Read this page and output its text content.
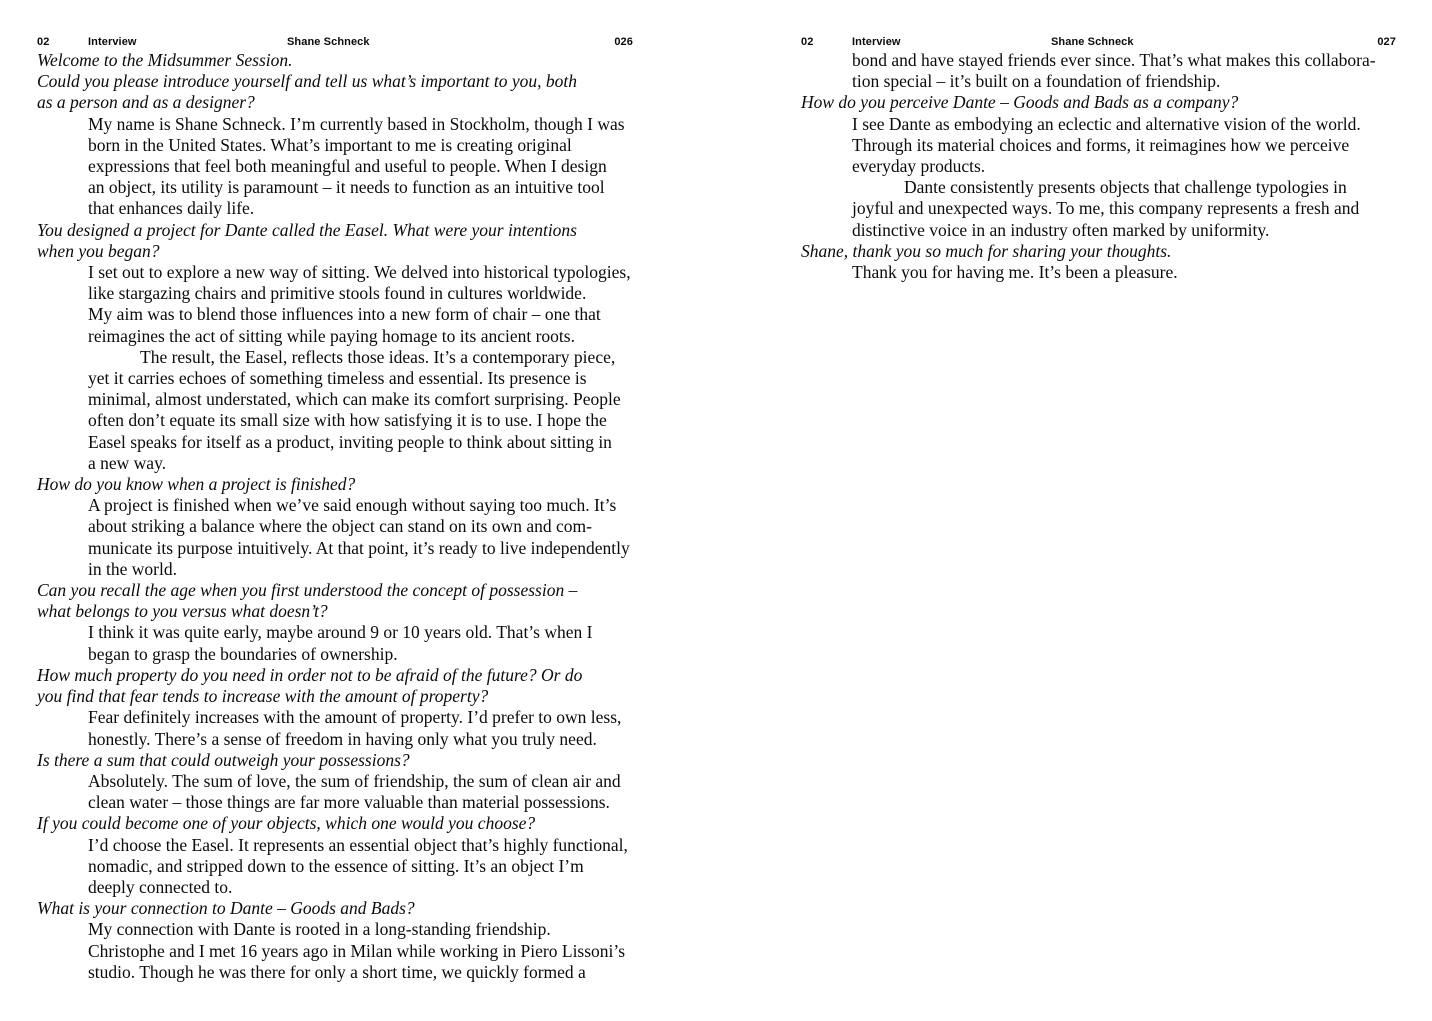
02	Interview	Shane Schneck	026
Welcome to the Midsummer Session.
Could you please introduce yourself and tell us what’s important to you, both
as a person and as a designer?
My name is Shane Schneck. I’m currently based in Stockholm, though I was
born in the United States. What’s important to me is creating original
expressions that feel both meaningful and useful to people. When I design
an object, its utility is paramount – it needs to function as an intuitive tool
that enhances daily life.
You designed a project for Dante called the Easel. What were your intentions
when you began?
I set out to explore a new way of sitting. We delved into historical typologies,
like stargazing chairs and primitive stools found in cultures worldwide.
My aim was to blend those influences into a new form of chair – one that
reimagines the act of sitting while paying homage to its ancient roots.
The result, the Easel, reflects those ideas. It’s a contemporary piece,
yet it carries echoes of something timeless and essential. Its presence is
minimal, almost understated, which can make its comfort surprising. People
often don’t equate its small size with how satisfying it is to use. I hope the
Easel speaks for itself as a product, inviting people to think about sitting in
a new way.
How do you know when a project is finished?
A project is finished when we’ve said enough without saying too much. It’s
about striking a balance where the object can stand on its own and com-
municate its purpose intuitively. At that point, it’s ready to live independently
in the world.
Can you recall the age when you first understood the concept of possession –
what belongs to you versus what doesn’t?
I think it was quite early, maybe around 9 or 10 years old. That’s when I
began to grasp the boundaries of ownership.
How much property do you need in order not to be afraid of the future? Or do
you find that fear tends to increase with the amount of property?
Fear definitely increases with the amount of property. I’d prefer to own less,
honestly. There’s a sense of freedom in having only what you truly need.
Is there a sum that could outweigh your possessions?
Absolutely. The sum of love, the sum of friendship, the sum of clean air and
clean water – those things are far more valuable than material possessions.
If you could become one of your objects, which one would you choose?
I’d choose the Easel. It represents an essential object that’s highly functional,
nomadic, and stripped down to the essence of sitting. It’s an object I’m
deeply connected to.
What is your connection to Dante – Goods and Bads?
My connection with Dante is rooted in a long-standing friendship.
Christophe and I met 16 years ago in Milan while working in Piero Lissoni’s
studio. Though he was there for only a short time, we quickly formed a
02	Interview	Shane Schneck	027
bond and have stayed friends ever since. That’s what makes this collabora-
tion special – it’s built on a foundation of friendship.
How do you perceive Dante – Goods and Bads as a company?
I see Dante as embodying an eclectic and alternative vision of the world.
Through its material choices and forms, it reimagines how we perceive
everyday products.
Dante consistently presents objects that challenge typologies in
joyful and unexpected ways. To me, this company represents a fresh and
distinctive voice in an industry often marked by uniformity.
Shane, thank you so much for sharing your thoughts.
Thank you for having me. It’s been a pleasure.
